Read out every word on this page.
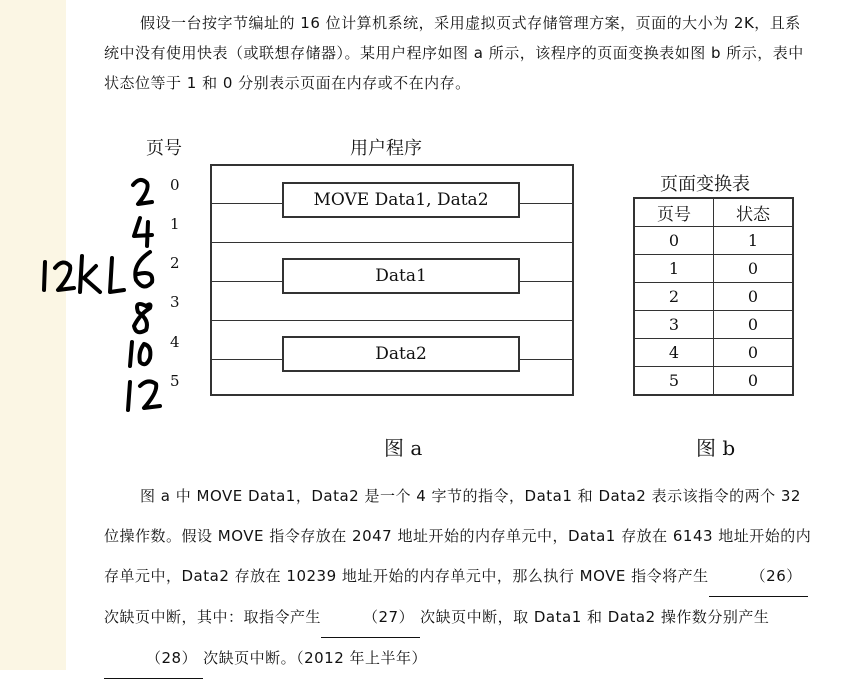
假设一台按字节编址的 16 位计算机系统，采用虚拟页式存储管理方案，页面的大小为 2K，且系统中没有使用快表（或联想存储器）。某用户程序如图 a 所示，该程序的页面变换表如图 b 所示，表中状态位等于 1 和 0 分别表示页面在内存或不在内存。

页号	用户程序
0
1
2
3
4
5
MOVE Data1, Data2
Data1
Data2
图 a
页面变换表
页号	状态
0	1
1	0
2	0
3	0
4	0
5	0
图 b

图 a 中 MOVE Data1，Data2 是一个 4 字节的指令，Data1 和 Data2 表示该指令的两个 32 位操作数。假设 MOVE 指令存放在 2047 地址开始的内存单元中，Data1 存放在 6143 地址开始的内存单元中，Data2 存放在 10239 地址开始的内存单元中，那么执行 MOVE 指令将产生	（26）次缺页中断，其中：取指令产生	（27） 次缺页中断，取 Data1 和 Data2 操作数分别产生（28） 次缺页中断。（2012 年上半年）
